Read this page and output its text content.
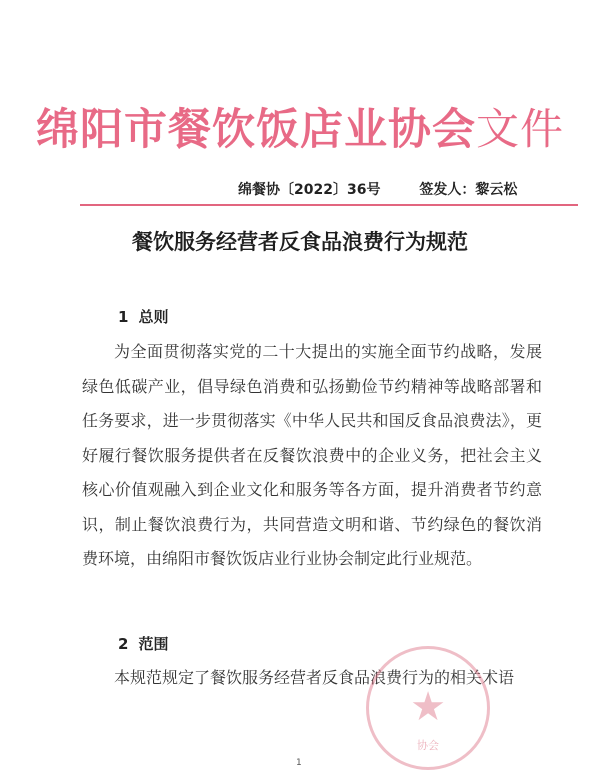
绵阳市餐饮饭店业协会文件
绵餐协〔2022〕36号	签发人：黎云松
餐饮服务经营者反食品浪费行为规范
1 总则

为全面贯彻落实党的二十大提出的实施全面节约战略，发展绿色低碳产业，倡导绿色消费和弘扬勤俭节约精神等战略部署和任务要求，进一步贯彻落实《中华人民共和国反食品浪费法》，更好履行餐饮服务提供者在反餐饮浪费中的企业义务，把社会主义核心价值观融入到企业文化和服务等各方面，提升消费者节约意识，制止餐饮浪费行为，共同营造文明和谐、节约绿色的餐饮消费环境，由绵阳市餐饮饭店业行业协会制定此行业规范。

2 范围

本规范规定了餐饮服务经营者反食品浪费行为的相关术语

★
协会
1
